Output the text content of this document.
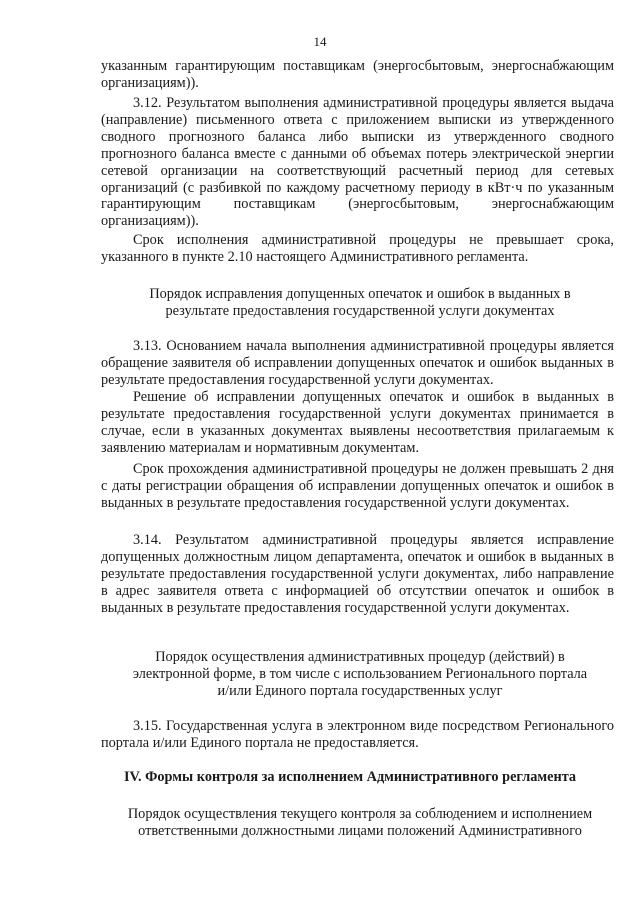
14

указанным гарантирующим поставщикам (энергосбытовым, энергоснабжающим организациям)).

3.12. Результатом выполнения административной процедуры является выдача (направление) письменного ответа с приложением выписки из утвержденного сводного прогнозного баланса либо выписки из утвержденного сводного прогнозного баланса вместе с данными об объемах потерь электрической энергии сетевой организации на соответствующий расчетный период для сетевых организаций (с разбивкой по каждому расчетному периоду в кВт·ч по указанным гарантирующим поставщикам (энергосбытовым, энергоснабжающим организациям)).

Срок исполнения административной процедуры не превышает срока, указанного в пункте 2.10 настоящего Административного регламента.

Порядок исправления допущенных опечаток и ошибок в выданных в результате предоставления государственной услуги документах

3.13. Основанием начала выполнения административной процедуры является обращение заявителя об исправлении допущенных опечаток и ошибок выданных в результате предоставления государственной услуги документах.

Решение об исправлении допущенных опечаток и ошибок в выданных в результате предоставления государственной услуги документах принимается в случае, если в указанных документах выявлены несоответствия прилагаемым к заявлению материалам и нормативным документам.

Срок прохождения административной процедуры не должен превышать 2 дня с даты регистрации обращения об исправлении допущенных опечаток и ошибок в выданных в результате предоставления государственной услуги документах.

3.14. Результатом административной процедуры является исправление допущенных должностным лицом департамента, опечаток и ошибок в выданных в результате предоставления государственной услуги документах, либо направление в адрес заявителя ответа с информацией об отсутствии опечаток и ошибок в выданных в результате предоставления государственной услуги документах.

Порядок осуществления административных процедур (действий) в электронной форме, в том числе с использованием Регионального портала и/или Единого портала государственных услуг

3.15. Государственная услуга в электронном виде посредством Регионального портала и/или Единого портала не предоставляется.

IV. Формы контроля за исполнением Административного регламента

Порядок осуществления текущего контроля за соблюдением и исполнением ответственными должностными лицами положений Административного
